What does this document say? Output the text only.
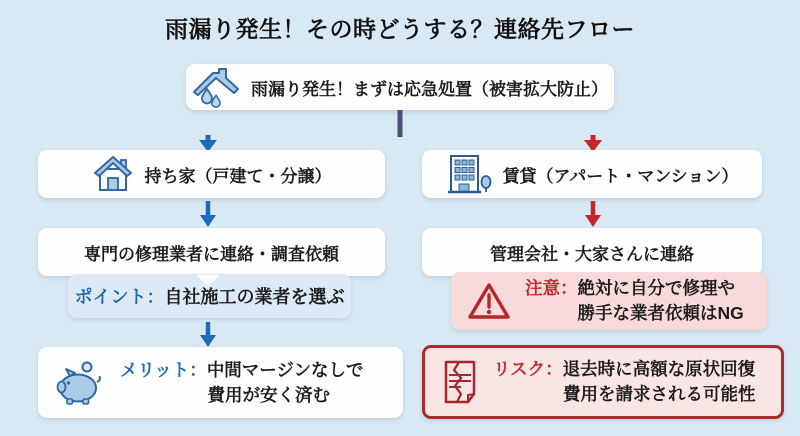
雨漏り発生！その時どうする？連絡先フロー
雨漏り発生！まずは応急処置（被害拡大防止）
持ち家（戸建て・分譲）	賃貸（アパート・マンション）
専門の修理業者に連絡・調査依頼
ポイント： 自社施工の業者を選ぶ
メリット：中間マージンなしで
費用が安く済む
管理会社・大家さんに連絡
注意：絶対に自分で修理や
勝手な業者依頼はNG
リスク：退去時に高額な原状回復
費用を請求される可能性
